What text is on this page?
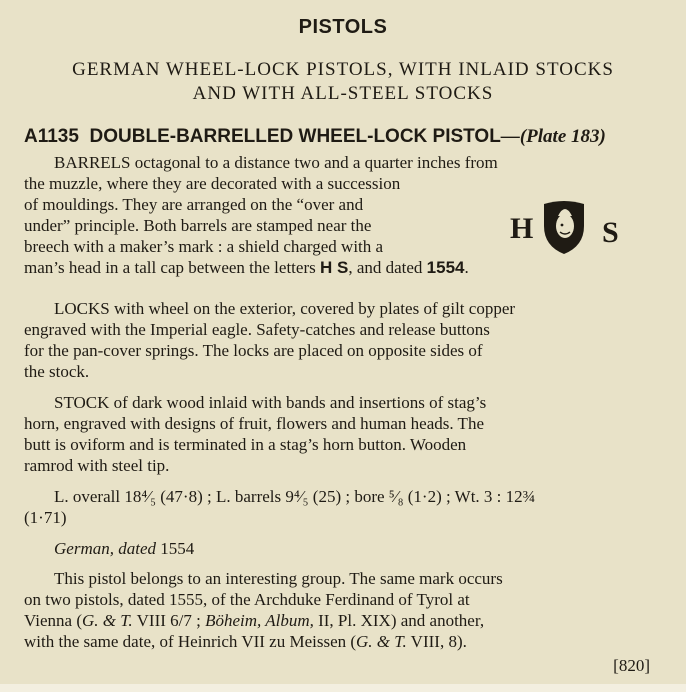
PISTOLS
GERMAN WHEEL-LOCK PISTOLS, WITH INLAID STOCKS
AND WITH ALL-STEEL STOCKS
A1135 DOUBLE-BARRELLED WHEEL-LOCK PISTOL—(Plate 183)
BARRELS octagonal to a distance two and a quarter inches from
the muzzle, where they are decorated with a succession
of mouldings. They are arranged on the “over and
under” principle. Both barrels are stamped near the
breech with a maker’s mark : a shield charged with a
man’s head in a tall cap between the letters H S, and dated 1554.
H S
LOCKS with wheel on the exterior, covered by plates of gilt copper
engraved with the Imperial eagle. Safety-catches and release buttons
for the pan-cover springs. The locks are placed on opposite sides of
the stock.
STOCK of dark wood inlaid with bands and insertions of stag’s
horn, engraved with designs of fruit, flowers and human heads. The
butt is oviform and is terminated in a stag’s horn button. Wooden
ramrod with steel tip.
L. overall 18⁴⁄₅ (47·8) ; L. barrels 9⁴⁄₅ (25) ; bore ⁵⁄₈ (1·2) ; Wt. 3 : 12¾
(1·71)
German, dated 1554
This pistol belongs to an interesting group. The same mark occurs
on two pistols, dated 1555, of the Archduke Ferdinand of Tyrol at
Vienna (G. & T. VIII 6/7 ; Böheim, Album, II, Pl. XIX) and another,
with the same date, of Heinrich VII zu Meissen (G. & T. VIII, 8).
[820]
